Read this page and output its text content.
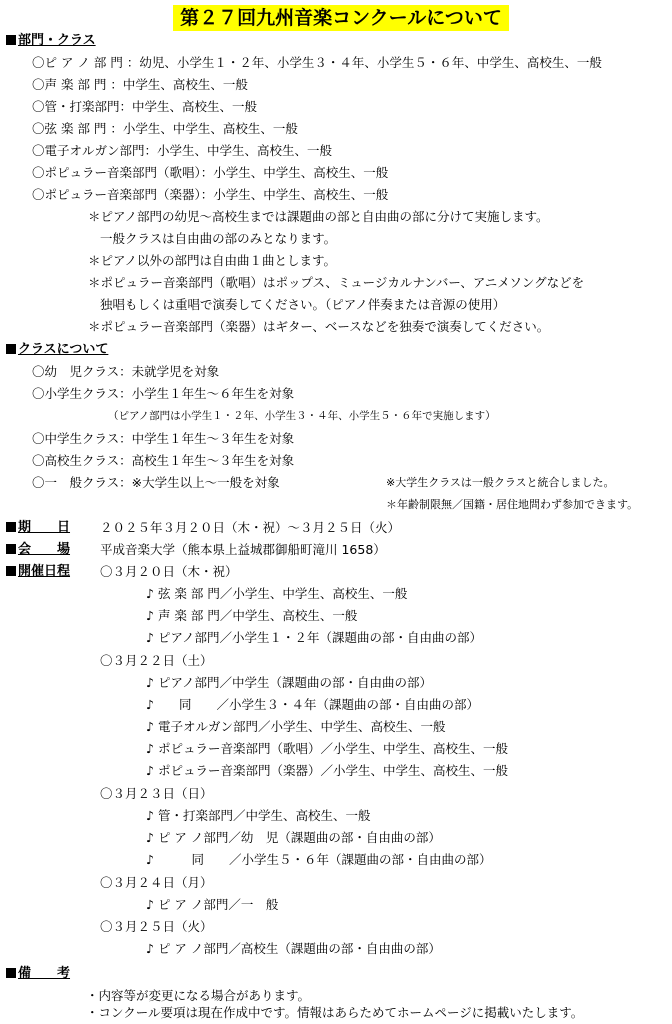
第２７回九州音楽コンクールについて
部門・クラス
〇ピ ア ノ 部 門 ：幼児、小学生１・２年、小学生３・４年、小学生５・６年、中学生、高校生、一般
〇声 楽 部 門 ：中学生、高校生、一般
〇管・打楽部門：中学生、高校生、一般
〇弦 楽 部 門 ：小学生、中学生、高校生、一般
〇電子オルガン部門：小学生、中学生、高校生、一般
〇ポピュラー音楽部門（歌唱）：小学生、中学生、高校生、一般
〇ポピュラー音楽部門（楽器）：小学生、中学生、高校生、一般
＊ピアノ部門の幼児～高校生までは課題曲の部と自由曲の部に分けて実施します。
一般クラスは自由曲の部のみとなります。
＊ピアノ以外の部門は自由曲１曲とします。
＊ポピュラー音楽部門（歌唱）はポップス、ミュージカルナンバー、アニメソングなどを
独唱もしくは重唱で演奏してください。（ピアノ伴奏または音源の使用）
＊ポピュラー音楽部門（楽器）はギター、ベースなどを独奏で演奏してください。
クラスについて
〇幼　児クラス：未就学児を対象
〇小学生クラス：小学生１年生～６年生を対象
（ピアノ部門は小学生１・２年、小学生３・４年、小学生５・６年で実施します）
〇中学生クラス：中学生１年生～３年生を対象
〇高校生クラス：高校生１年生～３年生を対象
〇一　般クラス：※大学生以上～一般を対象	※大学生クラスは一般クラスと統合しました。
＊年齢制限無／国籍・居住地問わず参加できます。
期　　日 ２０２５年３月２０日（木・祝）～３月２５日（火）
会　　場 平成音楽大学（熊本県上益城郡御船町滝川 1658）
開催日程 〇３月２０日（木・祝）
♪ 弦 楽 部 門／小学生、中学生、高校生、一般
♪ 声 楽 部 門／中学生、高校生、一般
♪ ピアノ部門／小学生１・２年（課題曲の部・自由曲の部）
〇３月２２日（土）
♪ ピアノ部門／中学生（課題曲の部・自由曲の部）
♪　　同　　／小学生３・４年（課題曲の部・自由曲の部）
♪ 電子オルガン部門／小学生、中学生、高校生、一般
♪ ポピュラー音楽部門（歌唱）／小学生、中学生、高校生、一般
♪ ポピュラー音楽部門（楽器）／小学生、中学生、高校生、一般
〇３月２３日（日）
♪ 管・打楽部門／中学生、高校生、一般
♪ ピ ア ノ部門／幼　児（課題曲の部・自由曲の部）
♪　　　同　　／小学生５・６年（課題曲の部・自由曲の部）
〇３月２４日（月）
♪ ピ ア ノ部門／一　般
〇３月２５日（火）
♪ ピ ア ノ部門／高校生（課題曲の部・自由曲の部）
備　　考
・内容等が変更になる場合があります。
・コンクール要項は現在作成中です。情報はあらためてホームページに掲載いたします。
